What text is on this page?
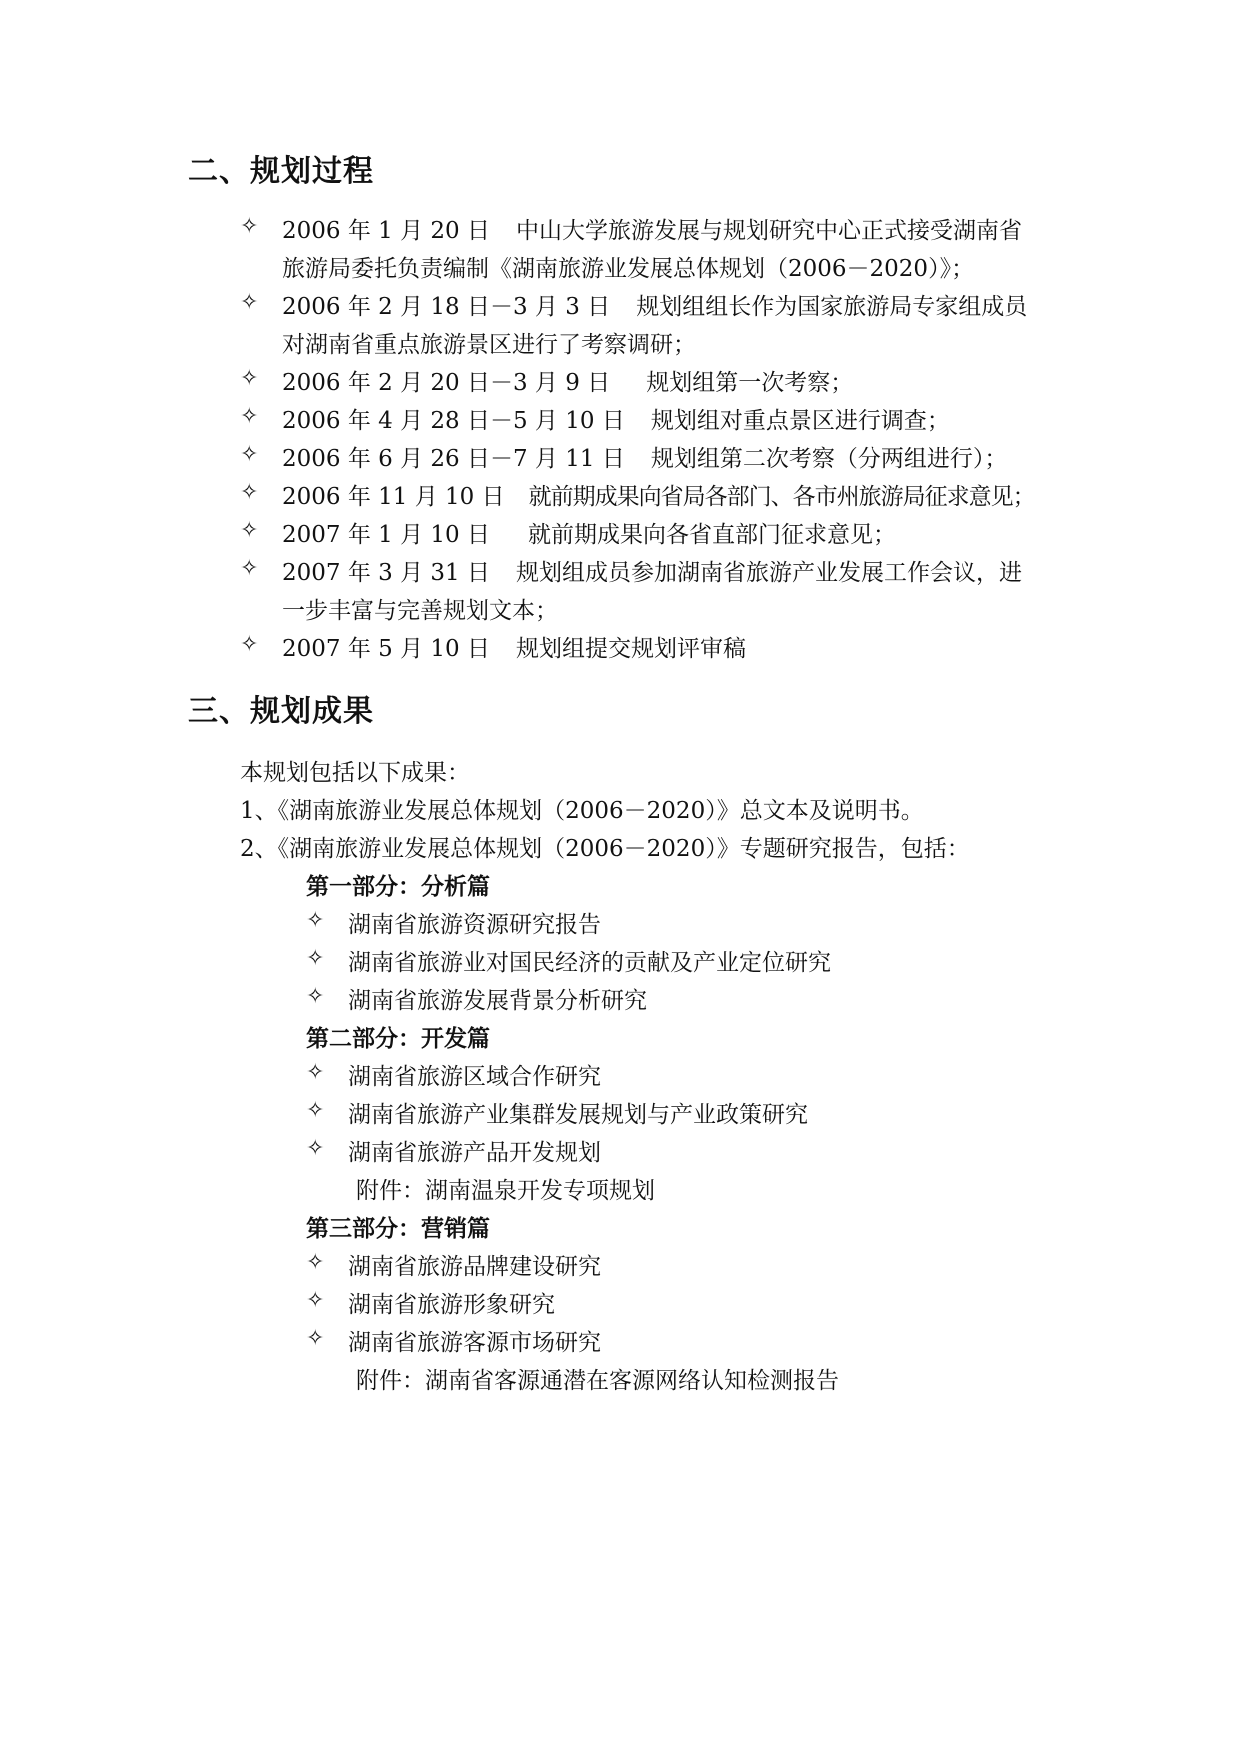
二、规划过程
✧ 2006 年 1 月 20 日 中山大学旅游发展与规划研究中心正式接受湖南省
旅游局委托负责编制《湖南旅游业发展总体规划（2006－2020）》；
✧ 2006 年 2 月 18 日－3 月 3 日 规划组组长作为国家旅游局专家组成员
对湖南省重点旅游景区进行了考察调研；
✧ 2006 年 2 月 20 日－3 月 9 日 规划组第一次考察；
✧ 2006 年 4 月 28 日－5 月 10 日 规划组对重点景区进行调查；
✧ 2006 年 6 月 26 日－7 月 11 日 规划组第二次考察（分两组进行）；
✧ 2006 年 11 月 10 日 就前期成果向省局各部门、各市州旅游局征求意见；
✧ 2007 年 1 月 10 日 就前期成果向各省直部门征求意见；
✧ 2007 年 3 月 31 日 规划组成员参加湖南省旅游产业发展工作会议，进
一步丰富与完善规划文本；
✧ 2007 年 5 月 10 日 规划组提交规划评审稿
三、规划成果
本规划包括以下成果：
1、《湖南旅游业发展总体规划（2006－2020）》总文本及说明书。
2、《湖南旅游业发展总体规划（2006－2020）》专题研究报告，包括：
第一部分：分析篇
✧ 湖南省旅游资源研究报告
✧ 湖南省旅游业对国民经济的贡献及产业定位研究
✧ 湖南省旅游发展背景分析研究
第二部分：开发篇
✧ 湖南省旅游区域合作研究
✧ 湖南省旅游产业集群发展规划与产业政策研究
✧ 湖南省旅游产品开发规划
附件：湖南温泉开发专项规划
第三部分：营销篇
✧ 湖南省旅游品牌建设研究
✧ 湖南省旅游形象研究
✧ 湖南省旅游客源市场研究
附件：湖南省客源通潜在客源网络认知检测报告
